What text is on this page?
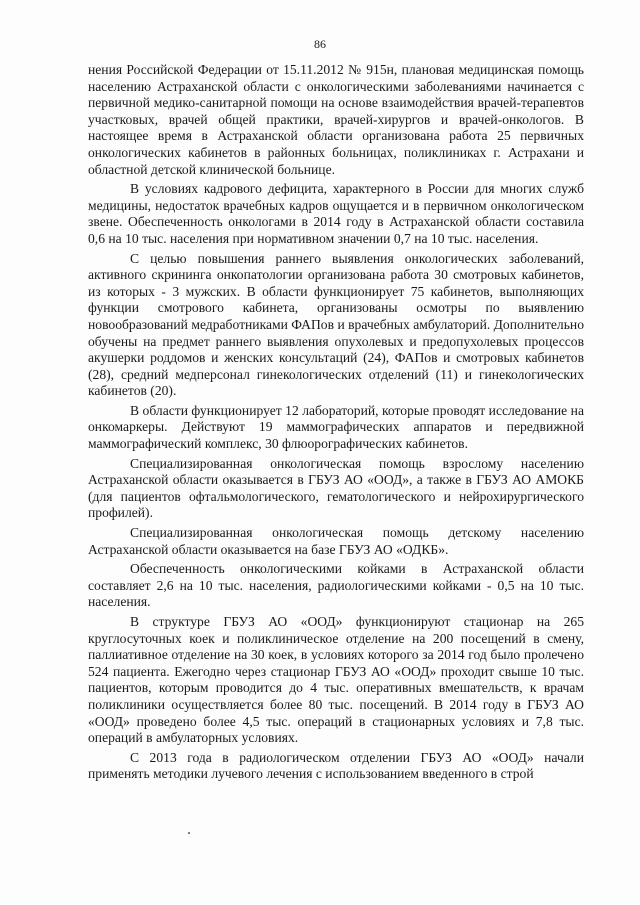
86

нения Российской Федерации от 15.11.2012 № 915н, плановая медицинская помощь населению Астраханской области с онкологическими заболеваниями начинается с первичной медико-санитарной помощи на основе взаимодействия врачей-терапевтов участковых, врачей общей практики, врачей-хирургов и врачей-онкологов. В настоящее время в Астраханской области организована работа 25 первичных онкологических кабинетов в районных больницах, поликлиниках г. Астрахани и областной детской клинической больнице.

В условиях кадрового дефицита, характерного в России для многих служб медицины, недостаток врачебных кадров ощущается и в первичном онкологическом звене. Обеспеченность онкологами в 2014 году в Астраханской области составила 0,6 на 10 тыс. населения при нормативном значении 0,7 на 10 тыс. населения.

С целью повышения раннего выявления онкологических заболеваний, активного скрининга онкопатологии организована работа 30 смотровых кабинетов, из которых - 3 мужских. В области функционирует 75 кабинетов, выполняющих функции смотрового кабинета, организованы осмотры по выявлению новообразований медработниками ФАПов и врачебных амбулаторий. Дополнительно обучены на предмет раннего выявления опухолевых и предопухолевых процессов акушерки роддомов и женских консультаций (24), ФАПов и смотровых кабинетов (28), средний медперсонал гинекологических отделений (11) и гинекологических кабинетов (20).

В области функционирует 12 лабораторий, которые проводят исследование на онкомаркеры. Действуют 19 маммографических аппаратов и передвижной маммографический комплекс, 30 флюорографических кабинетов.

Специализированная онкологическая помощь взрослому населению Астраханской области оказывается в ГБУЗ АО «ООД», а также в ГБУЗ АО АМОКБ (для пациентов офтальмологического, гематологического и нейрохирургического профилей).

Специализированная онкологическая помощь детскому населению Астраханской области оказывается на базе ГБУЗ АО «ОДКБ».

Обеспеченность онкологическими койками в Астраханской области составляет 2,6 на 10 тыс. населения, радиологическими койками - 0,5 на 10 тыс. населения.

В структуре ГБУЗ АО «ООД» функционируют стационар на 265 круглосуточных коек и поликлиническое отделение на 200 посещений в смену, паллиативное отделение на 30 коек, в условиях которого за 2014 год было пролечено 524 пациента. Ежегодно через стационар ГБУЗ АО «ООД» проходит свыше 10 тыс. пациентов, которым проводится до 4 тыс. оперативных вмешательств, к врачам поликлиники осуществляется более 80 тыс. посещений. В 2014 году в ГБУЗ АО «ООД» проведено более 4,5 тыс. операций в стационарных условиях и 7,8 тыс. операций в амбулаторных условиях.

С 2013 года в радиологическом отделении ГБУЗ АО «ООД» начали применять методики лучевого лечения с использованием введенного в строй
